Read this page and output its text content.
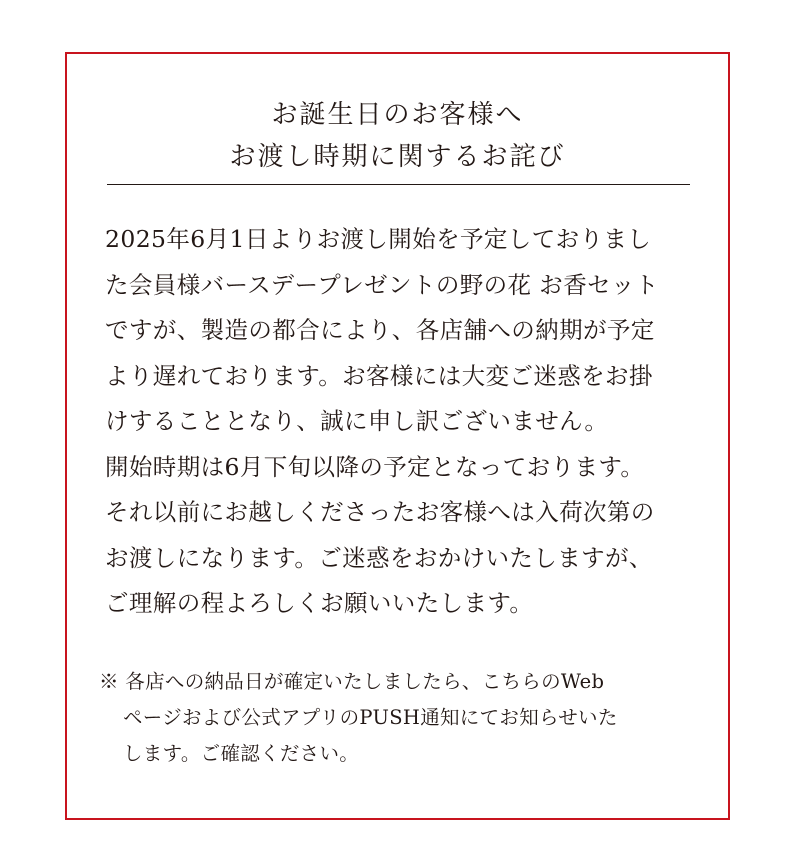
お誕生日のお客様へ
お渡し時期に関するお詫び
2025年6月1日よりお渡し開始を予定しておりまし
た会員様バースデープレゼントの野の花 お香セット
ですが、製造の都合により、各店舗への納期が予定
より遅れております。お客様には大変ご迷惑をお掛
けすることとなり、誠に申し訳ございません。
開始時期は6月下旬以降の予定となっております。
それ以前にお越しくださったお客様へは入荷次第の
お渡しになります。ご迷惑をおかけいたしますが、
ご理解の程よろしくお願いいたします。
※ 各店への納品日が確定いたしましたら、こちらのWeb
ページおよび公式アプリのPUSH通知にてお知らせいた
します。ご確認ください。
